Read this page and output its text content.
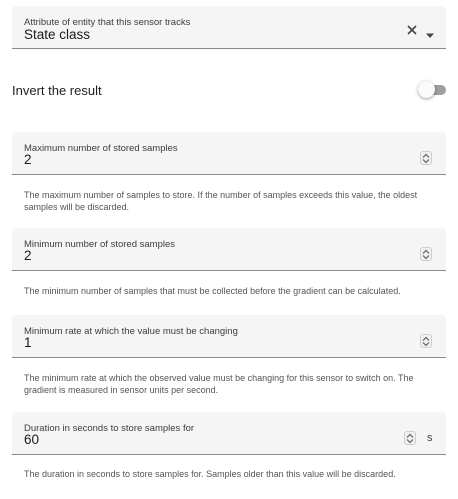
Attribute of entity that this sensor tracks
State class
Invert the result
Maximum number of stored samples
2
The maximum number of samples to store. If the number of samples exceeds this value, the oldest samples will be discarded.
Minimum number of stored samples
2
The minimum number of samples that must be collected before the gradient can be calculated.
Minimum rate at which the value must be changing
1
The minimum rate at which the observed value must be changing for this sensor to switch on. The gradient is measured in sensor units per second.
Duration in seconds to store samples for
60	s
The duration in seconds to store samples for. Samples older than this value will be discarded.
